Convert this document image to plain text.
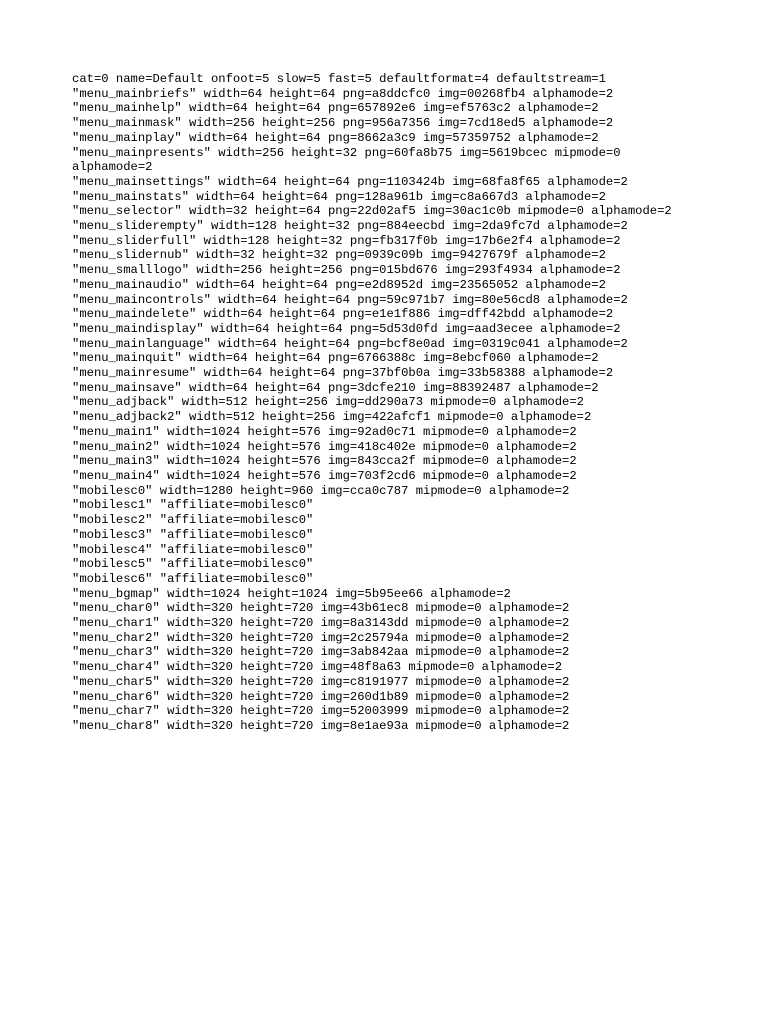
cat=0 name=Default onfoot=5 slow=5 fast=5 defaultformat=4 defaultstream=1
"menu_mainbriefs" width=64 height=64 png=a8ddcfc0 img=00268fb4 alphamode=2
"menu_mainhelp" width=64 height=64 png=657892e6 img=ef5763c2 alphamode=2
"menu_mainmask" width=256 height=256 png=956a7356 img=7cd18ed5 alphamode=2
"menu_mainplay" width=64 height=64 png=8662a3c9 img=57359752 alphamode=2
"menu_mainpresents" width=256 height=32 png=60fa8b75 img=5619bcec mipmode=0
alphamode=2
"menu_mainsettings" width=64 height=64 png=1103424b img=68fa8f65 alphamode=2
"menu_mainstats" width=64 height=64 png=128a961b img=c8a667d3 alphamode=2
"menu_selector" width=32 height=64 png=22d02af5 img=30ac1c0b mipmode=0 alphamode=2
"menu_sliderempty" width=128 height=32 png=884eecbd img=2da9fc7d alphamode=2
"menu_sliderfull" width=128 height=32 png=fb317f0b img=17b6e2f4 alphamode=2
"menu_slidernub" width=32 height=32 png=0939c09b img=9427679f alphamode=2
"menu_smalllogo" width=256 height=256 png=015bd676 img=293f4934 alphamode=2
"menu_mainaudio" width=64 height=64 png=e2d8952d img=23565052 alphamode=2
"menu_maincontrols" width=64 height=64 png=59c971b7 img=80e56cd8 alphamode=2
"menu_maindelete" width=64 height=64 png=e1e1f886 img=dff42bdd alphamode=2
"menu_maindisplay" width=64 height=64 png=5d53d0fd img=aad3ecee alphamode=2
"menu_mainlanguage" width=64 height=64 png=bcf8e0ad img=0319c041 alphamode=2
"menu_mainquit" width=64 height=64 png=6766388c img=8ebcf060 alphamode=2
"menu_mainresume" width=64 height=64 png=37bf0b0a img=33b58388 alphamode=2
"menu_mainsave" width=64 height=64 png=3dcfe210 img=88392487 alphamode=2
"menu_adjback" width=512 height=256 img=dd290a73 mipmode=0 alphamode=2
"menu_adjback2" width=512 height=256 img=422afcf1 mipmode=0 alphamode=2
"menu_main1" width=1024 height=576 img=92ad0c71 mipmode=0 alphamode=2
"menu_main2" width=1024 height=576 img=418c402e mipmode=0 alphamode=2
"menu_main3" width=1024 height=576 img=843cca2f mipmode=0 alphamode=2
"menu_main4" width=1024 height=576 img=703f2cd6 mipmode=0 alphamode=2
"mobilesc0" width=1280 height=960 img=cca0c787 mipmode=0 alphamode=2
"mobilesc1" "affiliate=mobilesc0"
"mobilesc2" "affiliate=mobilesc0"
"mobilesc3" "affiliate=mobilesc0"
"mobilesc4" "affiliate=mobilesc0"
"mobilesc5" "affiliate=mobilesc0"
"mobilesc6" "affiliate=mobilesc0"
"menu_bgmap" width=1024 height=1024 img=5b95ee66 alphamode=2
"menu_char0" width=320 height=720 img=43b61ec8 mipmode=0 alphamode=2
"menu_char1" width=320 height=720 img=8a3143dd mipmode=0 alphamode=2
"menu_char2" width=320 height=720 img=2c25794a mipmode=0 alphamode=2
"menu_char3" width=320 height=720 img=3ab842aa mipmode=0 alphamode=2
"menu_char4" width=320 height=720 img=48f8a63 mipmode=0 alphamode=2
"menu_char5" width=320 height=720 img=c8191977 mipmode=0 alphamode=2
"menu_char6" width=320 height=720 img=260d1b89 mipmode=0 alphamode=2
"menu_char7" width=320 height=720 img=52003999 mipmode=0 alphamode=2
"menu_char8" width=320 height=720 img=8e1ae93a mipmode=0 alphamode=2
